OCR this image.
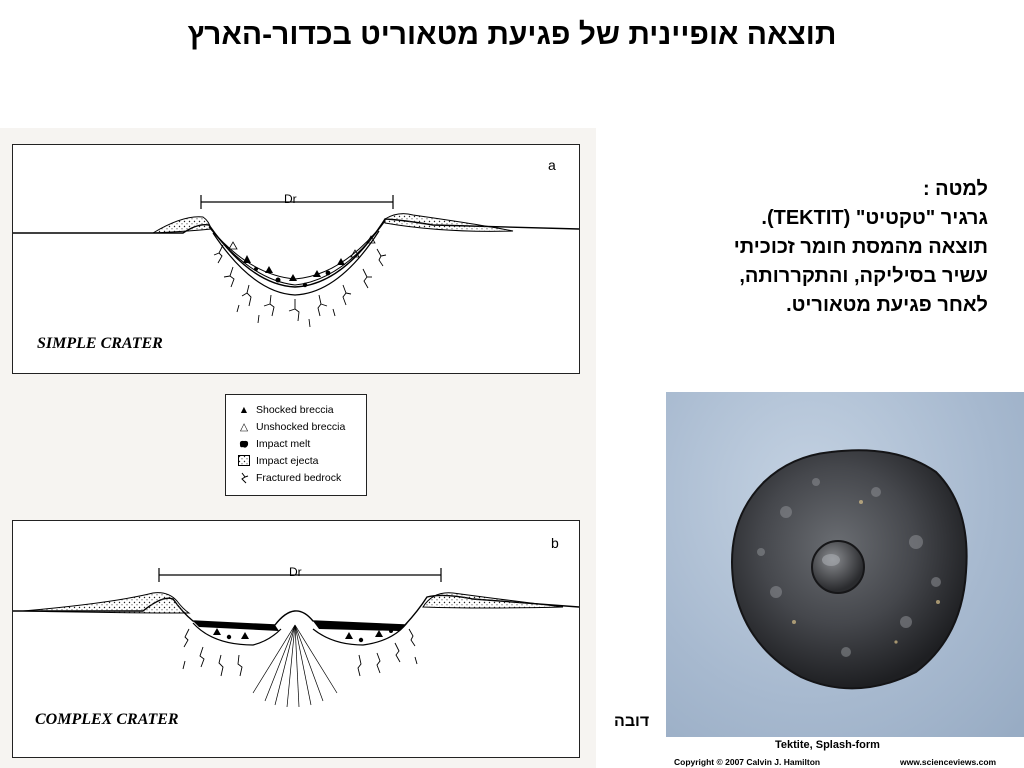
תוצאה אופיינית של פגיעת מטאוריט בכדור-הארץ
a
Dr
SIMPLE CRATER
▲ Shocked breccia
△ Unshocked breccia
Impact melt
Impact ejecta
Fractured bedrock
b
Dr
COMPLEX CRATER
למטה :
גרגיר "טקטיט" (TEKTIT).
תוצאה מהמסת חומר זכוכיתי
עשיר בסיליקה, והתקררותה,
לאחר פגיעת מטאוריט.
Tektite, Splash-form
Copyright © 2007 Calvin J. Hamilton	www.scienceviews.com
דובה
